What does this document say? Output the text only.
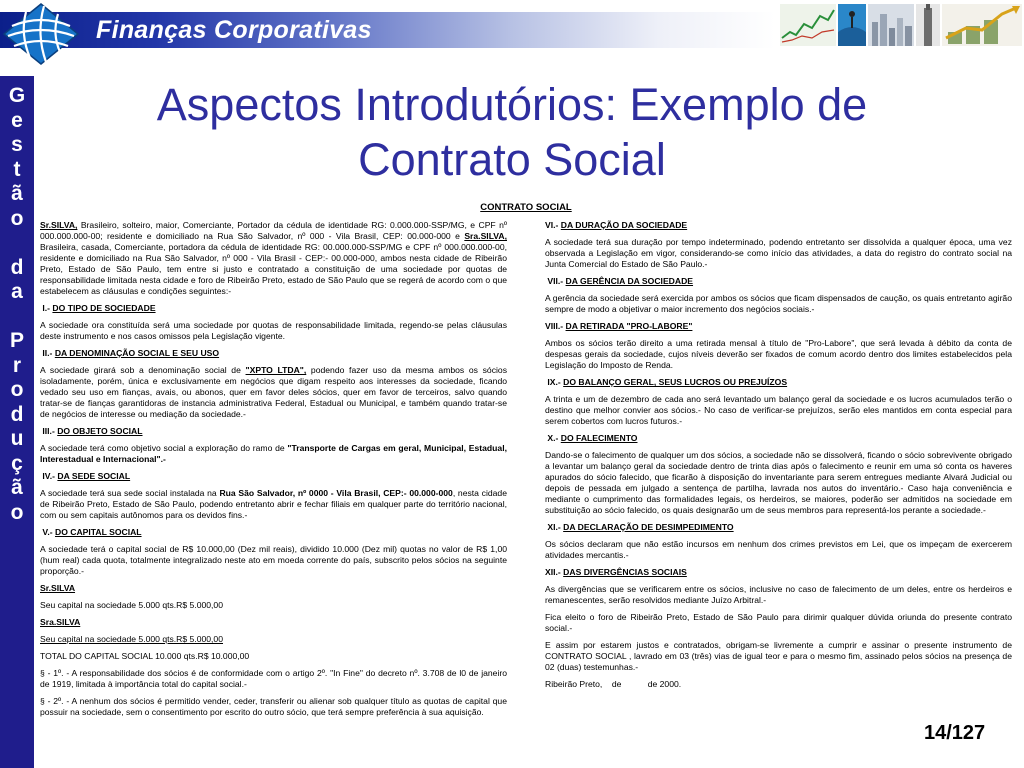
Finanças Corporativas
G
e
s
t
ã
o
d
a
P
r
o
d
u
ç
ã
o
Aspectos Introdutórios: Exemplo de
Contrato Social
CONTRATO SOCIAL

Sr.SILVA, Brasileiro, solteiro, maior, Comerciante, Portador da cédula de identidade RG: 0.000.000-SSP/MG, e CPF nº 000.000.000-00; residente e domiciliado na Rua São Salvador, nº 000 - Vila Brasil, CEP: 00.000-000 e Sra.SILVA, Brasileira, casada, Comerciante, portadora da cédula de identidade RG: 00.000.000-SSP/MG e CPF nº 000.000.000-00, residente e domiciliado na Rua São Salvador, nº 000 - Vila Brasil - CEP:- 00.000-000, ambos nesta cidade de Ribeirão Preto, Estado de São Paulo, tem entre si justo e contratado a constituição de uma sociedade por quotas de responsabilidade limitada nesta cidade e foro de Ribeirão Preto, estado de São Paulo que se regerá de acordo com o que estabelecem as cláusulas e condições seguintes:-

I.- DO TIPO DE SOCIEDADE

A sociedade ora constituída será uma sociedade por quotas de responsabilidade limitada, regendo-se pelas cláusulas deste instrumento e nos casos omissos pela Legislação vigente.

II.- DA DENOMINAÇÃO SOCIAL E SEU USO

A sociedade girará sob a denominação social de "XPTO LTDA", podendo fazer uso da mesma ambos os sócios isoladamente, porém, única e exclusivamente em negócios que digam respeito aos interesses da sociedade, ficando vedado seu uso em fianças, avais, ou abonos, quer em favor deles sócios, quer em favor de terceiros, salvo quando tratar-se de fianças garantidoras de instancia administrativa Federal, Estadual ou Municipal, e também quando tratar-se de negócios de interesse ou mediação da sociedade.-

III.- DO OBJETO SOCIAL

A sociedade terá como objetivo social a exploração do ramo de "Transporte de Cargas em geral, Municipal, Estadual, Interestadual e Internacional".-

IV.- DA SEDE SOCIAL

A sociedade terá sua sede social instalada na Rua São Salvador, nº 0000 - Vila Brasil, CEP:- 00.000-000, nesta cidade de Ribeirão Preto, Estado de São Paulo, podendo entretanto abrir e fechar filiais em qualquer parte do território nacional, com ou sem capitais autônomos para os devidos fins.-

V.- DO CAPITAL SOCIAL

A sociedade terá o capital social de R$ 10.000,00 (Dez mil reais), dividido 10.000 (Dez mil) quotas no valor de R$ 1,00 (hum real) cada quota, totalmente integralizado neste ato em moeda corrente do país, subscrito pelos sócios na seguinte proporção.-

Sr.SILVA

Seu capital na sociedade 5.000 qts.R$ 5.000,00

Sra.SILVA

Seu capital na sociedade 5.000 qts.R$ 5.000,00

TOTAL DO CAPITAL SOCIAL 10.000 qts.R$ 10.000,00

§ - 1º. - A responsabilidade dos sócios é de conformidade com o artigo 2º. "In Fine" do decreto nº. 3.708 de l0 de janeiro de 1919, limitada à importância total do capital social.-

§ - 2º. - A nenhum dos sócios é permitido vender, ceder, transferir ou alienar sob qualquer título as quotas de capital que possuir na sociedade, sem o consentimento por escrito do outro sócio, que terá sempre preferência à sua aquisição.

VI.- DA DURAÇÃO DA SOCIEDADE

A sociedade terá sua duração por tempo indeterminado, podendo entretanto ser dissolvida a qualquer época, uma vez observada a Legislação em vigor, considerando-se como início das atividades, a data do registro do contrato social na Junta Comercial do Estado de São Paulo.-

VII.- DA GERÊNCIA DA SOCIEDADE

A gerência da sociedade será exercida por ambos os sócios que ficam dispensados de caução, os quais entretanto agirão sempre de modo a objetivar o maior incremento dos negócios sociais.-

VIII.- DA RETIRADA "PRO-LABORE"

Ambos os sócios terão direito a uma retirada mensal à título de "Pro-Labore", que será levada à débito da conta de despesas gerais da sociedade, cujos níveis deverão ser fixados de comum acordo dentro dos limites estabelecidos pela Legislação do Imposto de Renda.

IX.- DO BALANÇO GERAL, SEUS LUCROS OU PREJUÍZOS

A trinta e um de dezembro de cada ano será levantado um balanço geral da sociedade e os lucros acumulados terão o destino que melhor convier aos sócios.- No caso de verificar-se prejuízos, serão eles mantidos em conta especial para serem cobertos com lucros futuros.-

X.- DO FALECIMENTO

Dando-se o falecimento de qualquer um dos sócios, a sociedade não se dissolverá, ficando o sócio sobrevivente obrigado a levantar um balanço geral da sociedade dentro de trinta dias após o falecimento e reunir em uma só conta os haveres apurados do sócio falecido, que ficarão à disposição do inventariante para serem entregues mediante Alvará Judicial ou depois de pessada em julgado a sentença de partilha, lavrada nos autos do inventário.- Caso haja conveniência e mediante o cumprimento das formalidades legais, os herdeiros, se maiores, poderão ser admitidos na sociedade em substituição ao sócio falecido, os quais designarão um de seus membros para representá-los perante a sociedade.-

XI.- DA DECLARAÇÃO DE DESIMPEDIMENTO

Os sócios declaram que não estão incursos em nenhum dos crimes previstos em Lei, que os impeçam de exercerem atividades mercantis.-

XII.- DAS DIVERGÊNCIAS SOCIAIS

As divergências que se verificarem entre os sócios, inclusive no caso de falecimento de um deles, entre os herdeiros e remanescentes, serão resolvidos mediante Juízo Arbitral.-

Fica eleito o foro de Ribeirão Preto, Estado de São Paulo para dirimir qualquer dúvida oriunda do presente contrato social.-

E assim por estarem justos e contratados, obrigam-se livremente a cumprir e assinar o presente instrumento de CONTRATO SOCIAL , lavrado em 03 (três) vias de igual teor e para o mesmo fim, assinado pelos sócios na presença de 02 (duas) testemunhas.-

Ribeirão Preto,    de           de 2000.

14/127
